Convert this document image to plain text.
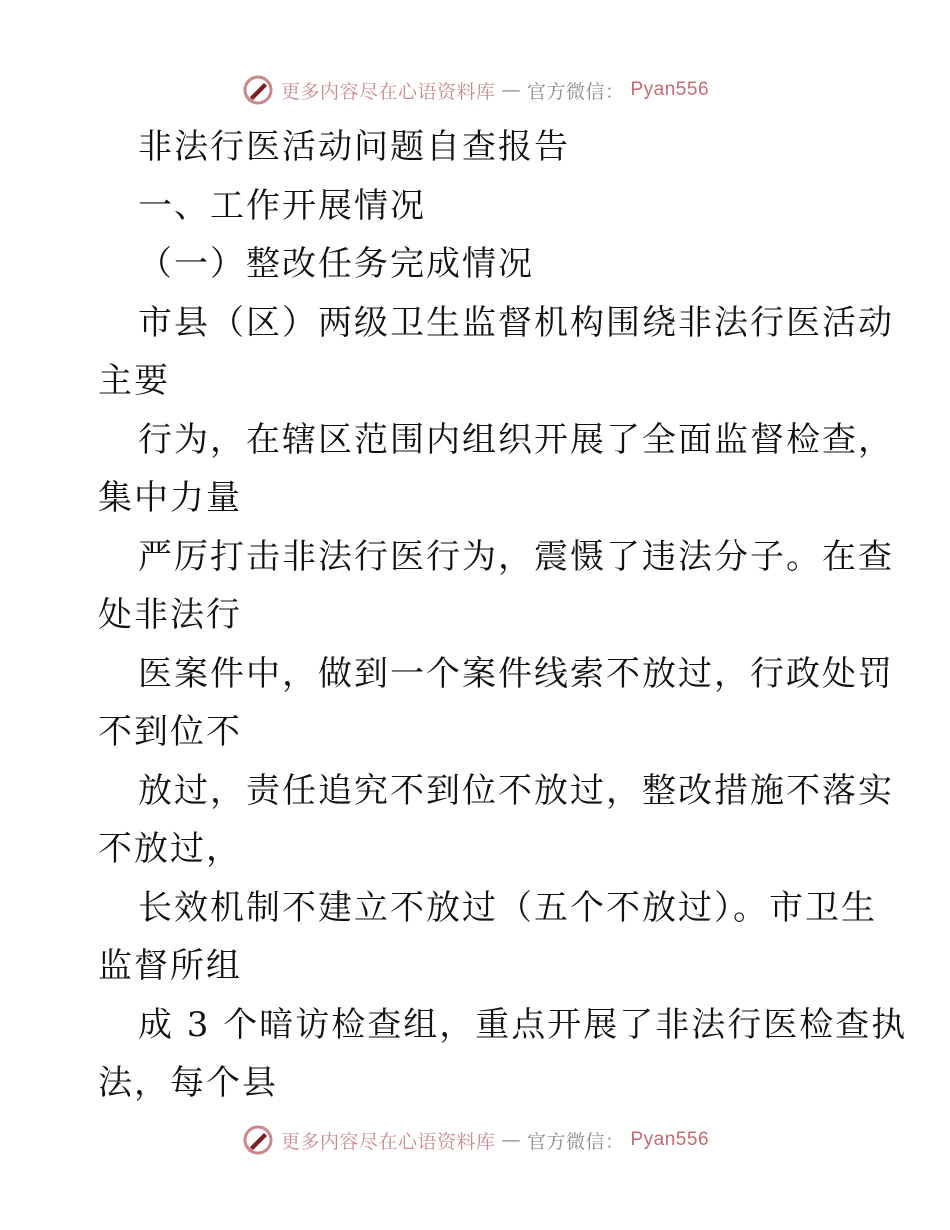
更多内容尽在心语资料库 — 官方微信： Pyan556
非法行医活动问题自查报告
一、工作开展情况
（一）整改任务完成情况
市县（区）两级卫生监督机构围绕非法行医活动
主要
行为，在辖区范围内组织开展了全面监督检查，
集中力量
严厉打击非法行医行为，震慑了违法分子。在查
处非法行
医案件中，做到一个案件线索不放过，行政处罚
不到位不
放过，责任追究不到位不放过，整改措施不落实
不放过，
长效机制不建立不放过（五个不放过）。市卫生
监督所组
成 3 个暗访检查组，重点开展了非法行医检查执
法，每个县
更多内容尽在心语资料库 — 官方微信： Pyan556
